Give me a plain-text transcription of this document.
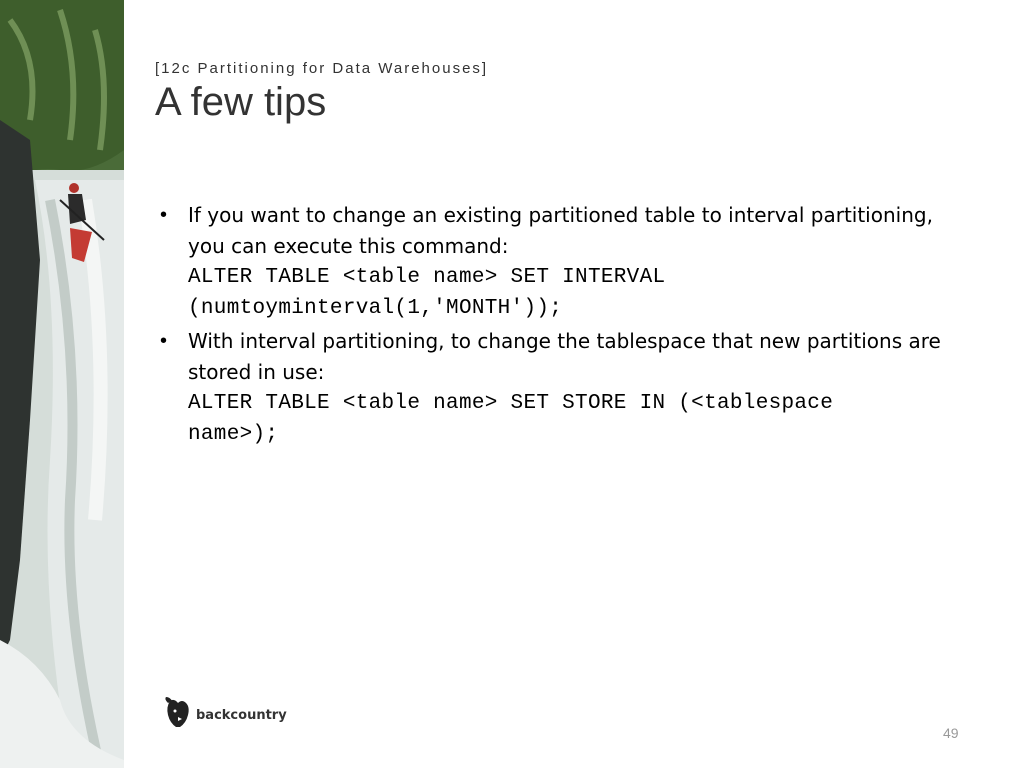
[12c Partitioning for Data Warehouses]
A few tips
• If you want to change an existing partitioned table to interval partitioning,
you can execute this command:
ALTER TABLE <table name> SET INTERVAL
(numtoyminterval(1,'MONTH'));
• With interval partitioning, to change the tablespace that new partitions are
stored in use:
ALTER TABLE <table name> SET STORE IN (<tablespace
name>);
backcountry
49
